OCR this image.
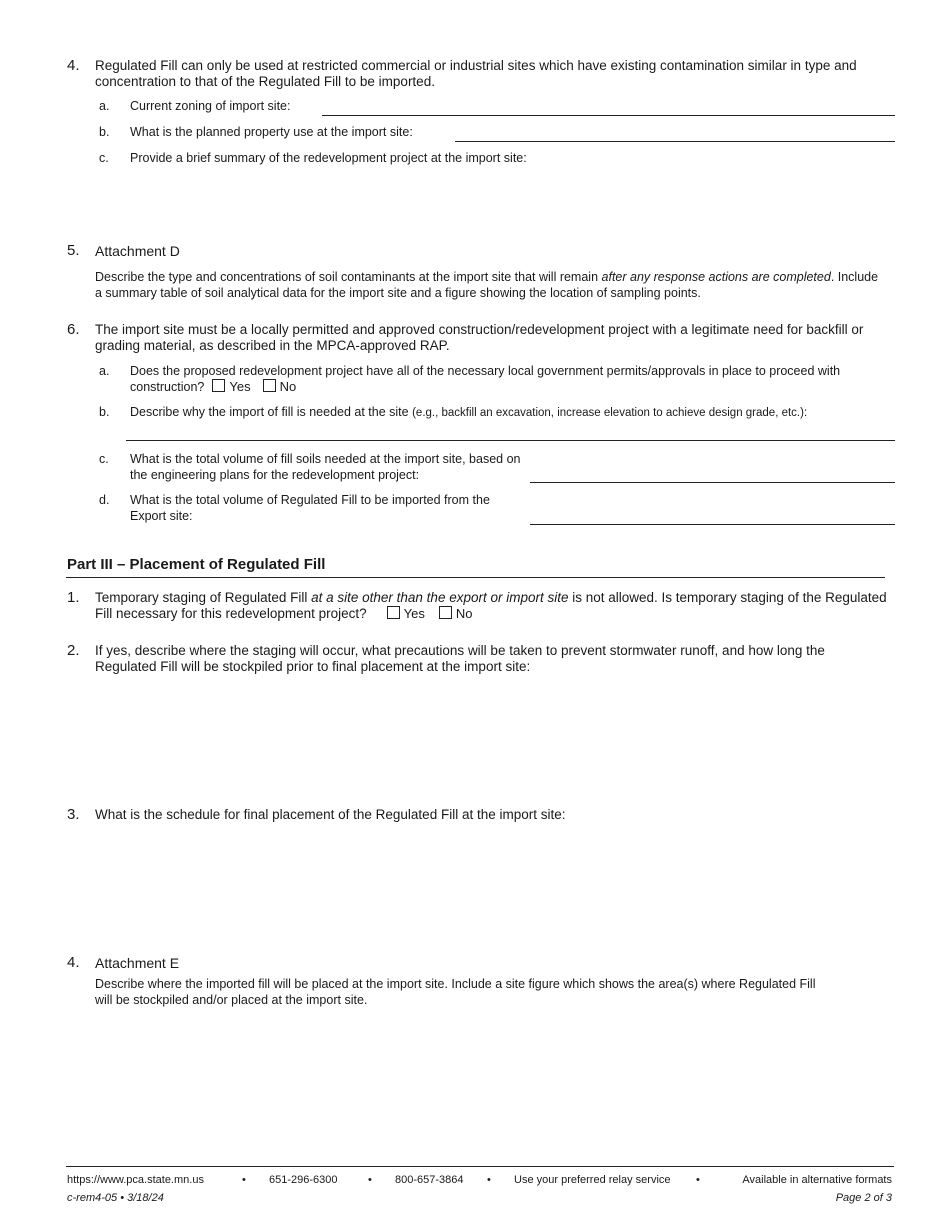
4. Regulated Fill can only be used at restricted commercial or industrial sites which have existing contamination similar in type and concentration to that of the Regulated Fill to be imported.
a. Current zoning of import site:
b. What is the planned property use at the import site:
c. Provide a brief summary of the redevelopment project at the import site:
5. Attachment D
Describe the type and concentrations of soil contaminants at the import site that will remain after any response actions are completed. Include a summary table of soil analytical data for the import site and a figure showing the location of sampling points.
6. The import site must be a locally permitted and approved construction/redevelopment project with a legitimate need for backfill or grading material, as described in the MPCA-approved RAP.
a. Does the proposed redevelopment project have all of the necessary local government permits/approvals in place to proceed with construction? Yes No
b. Describe why the import of fill is needed at the site (e.g., backfill an excavation, increase elevation to achieve design grade, etc.):
c. What is the total volume of fill soils needed at the import site, based on the engineering plans for the redevelopment project:
d. What is the total volume of Regulated Fill to be imported from the Export site:
Part III – Placement of Regulated Fill
1. Temporary staging of Regulated Fill at a site other than the export or import site is not allowed. Is temporary staging of the Regulated Fill necessary for this redevelopment project?	Yes No
2. If yes, describe where the staging will occur, what precautions will be taken to prevent stormwater runoff, and how long the Regulated Fill will be stockpiled prior to final placement at the import site:
3. What is the schedule for final placement of the Regulated Fill at the import site:
4. Attachment E
Describe where the imported fill will be placed at the import site. Include a site figure which shows the area(s) where Regulated Fill will be stockpiled and/or placed at the import site.
https://www.pca.state.mn.us	• 651-296-6300	• 800-657-3864 • Use your preferred relay service •	Available in alternative formats
c-rem4-05 • 3/18/24	Page 2 of 3
